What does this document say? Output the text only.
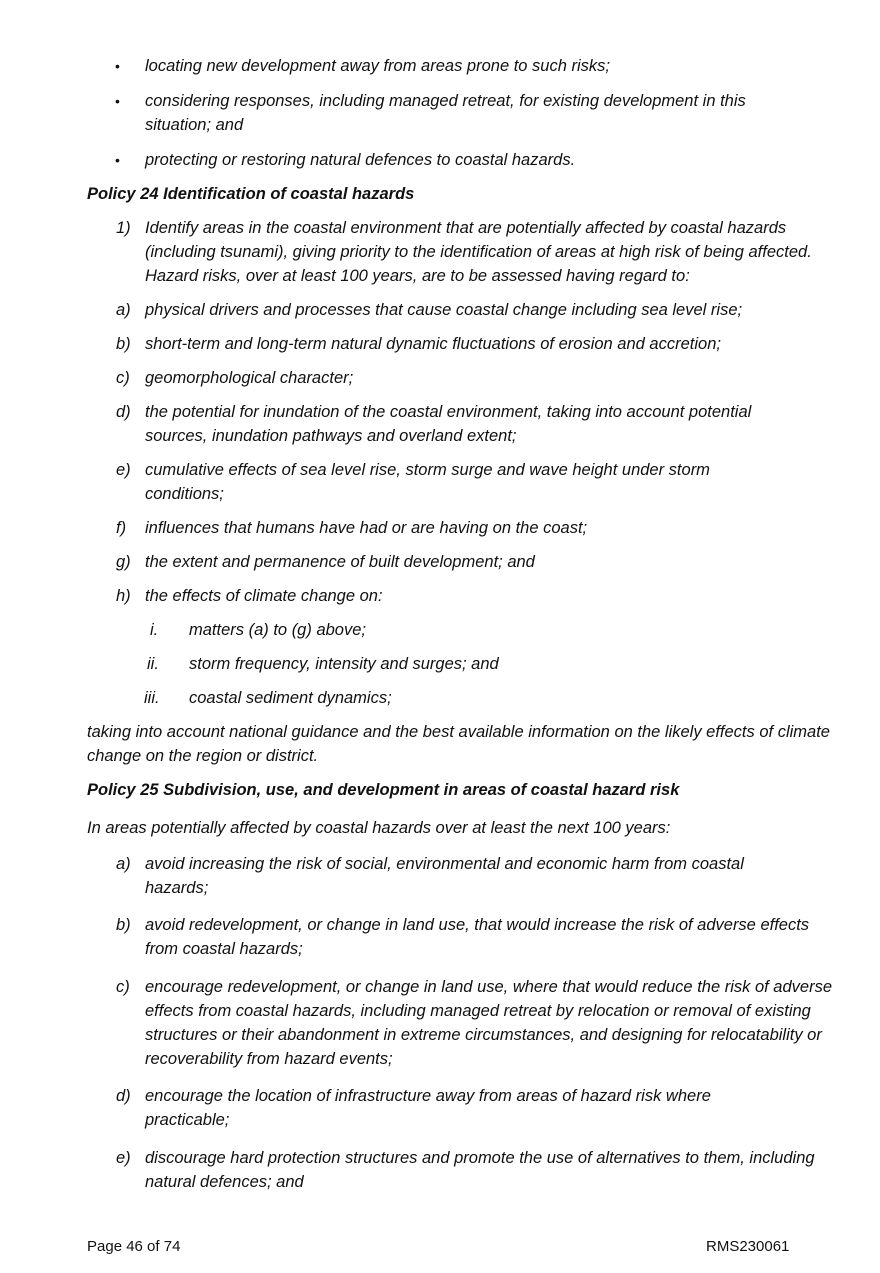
• locating new development away from areas prone to such risks;

• considering responses, including managed retreat, for existing development in this situation; and

• protecting or restoring natural defences to coastal hazards.

Policy 24 Identification of coastal hazards

1) Identify areas in the coastal environment that are potentially affected by coastal hazards (including tsunami), giving priority to the identification of areas at high risk of being affected. Hazard risks, over at least 100 years, are to be assessed having regard to:

a) physical drivers and processes that cause coastal change including sea level rise;

b) short-term and long-term natural dynamic fluctuations of erosion and accretion;

c) geomorphological character;

d) the potential for inundation of the coastal environment, taking into account potential sources, inundation pathways and overland extent;

e) cumulative effects of sea level rise, storm surge and wave height under storm conditions;

f) influences that humans have had or are having on the coast;

g) the extent and permanence of built development; and

h) the effects of climate change on:

i. matters (a) to (g) above;

ii. storm frequency, intensity and surges; and

iii. coastal sediment dynamics;

taking into account national guidance and the best available information on the likely effects of climate change on the region or district.

Policy 25 Subdivision, use, and development in areas of coastal hazard risk

In areas potentially affected by coastal hazards over at least the next 100 years:

a) avoid increasing the risk of social, environmental and economic harm from coastal hazards;

b) avoid redevelopment, or change in land use, that would increase the risk of adverse effects from coastal hazards;

c) encourage redevelopment, or change in land use, where that would reduce the risk of adverse effects from coastal hazards, including managed retreat by relocation or removal of existing structures or their abandonment in extreme circumstances, and designing for relocatability or recoverability from hazard events;

d) encourage the location of infrastructure away from areas of hazard risk where practicable;

e) discourage hard protection structures and promote the use of alternatives to them, including natural defences; and

Page 46 of 74	RMS230061
